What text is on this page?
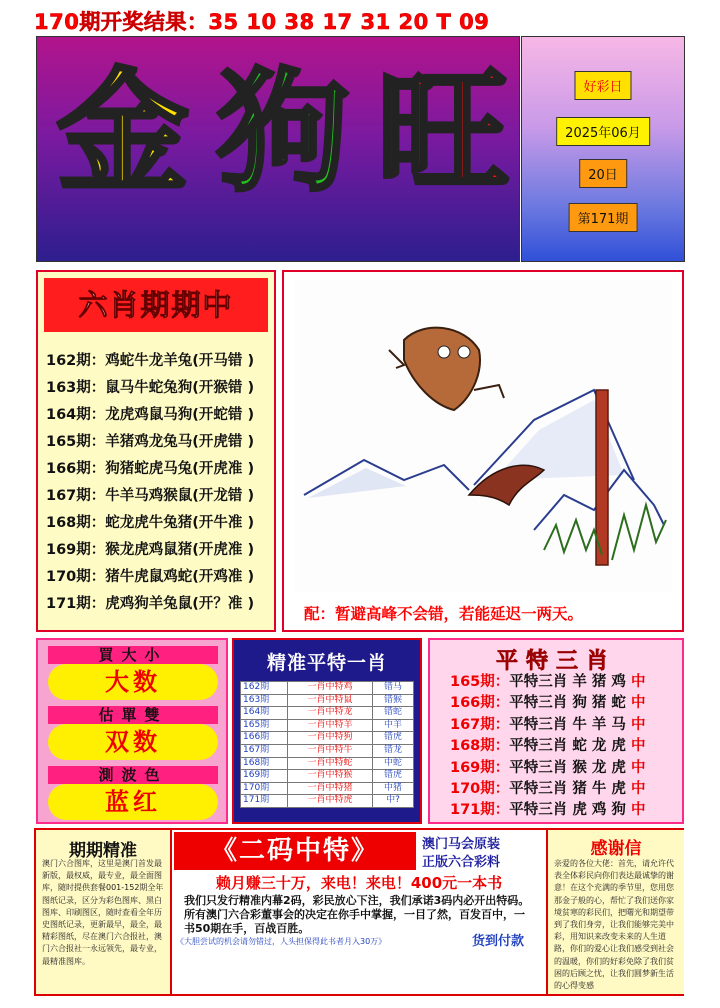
170期开奖结果：35 10 38 17 31 20 T 09
金 狗 旺	好彩日
2025年06月
20日
第171期
六肖期期中
162期：鸡蛇牛龙羊兔(开马错 )
163期：鼠马牛蛇兔狗(开猴错 )
164期：龙虎鸡鼠马狗(开蛇错 )
165期：羊猪鸡龙兔马(开虎错 )
166期：狗猪蛇虎马兔(开虎准 )
167期：牛羊马鸡猴鼠(开龙错 )
168期：蛇龙虎牛兔猪(开牛准 )
169期：猴龙虎鸡鼠猪(开虎准 )
170期：猪牛虎鼠鸡蛇(开鸡准 )
171期：虎鸡狗羊兔鼠(开？准 )
配：暂避高峰不会错，若能延迟一两天。
買大小
大数
估單雙
双数
測波色
蓝红
精准平特一肖
162期	一肖中特鸡	错马
163期	一肖中特鼠	错猴
164期	一肖中特龙	错蛇
165期	一肖中特羊	中羊
166期	一肖中特狗	错虎
167期	一肖中特牛	错龙
168期	一肖中特蛇	中蛇
169期	一肖中特猴	错虎
170期	一肖中特猪	中猪
171期	一肖中特虎	中?
平特三肖
165期：平特三肖 羊 猪 鸡 中
166期：平特三肖 狗 猪 蛇 中
167期：平特三肖 牛 羊 马 中
168期：平特三肖 蛇 龙 虎 中
169期：平特三肖 猴 龙 虎 中
170期：平特三肖 猪 牛 虎 中
171期：平特三肖 虎 鸡 狗 中
期期精准
澳门六合图库，这里是澳门首发最新版，最权威，最专业，最全面图库，随时提供套餐001-152期全年图纸记录，区分为彩色图库、黑白图库、印刷图区，随时查看全年历史图纸记录，更新最早，最全，最精彩图纸，尽在澳门六合报社，澳门六合报社一永远领先，最专业，最精准图库。
《二码中特》	澳门马会原装
正版六合彩料
赖月赚三十万，来电！来电！400元一本书
我们只发行精准内幕2码，彩民放心下注，我们承诺3码内必开出特码。所有澳门六合彩董事会的决定在你手中掌握，一目了然，百发百中，一书50期在手，百战百胜。
《大胆尝试的机会请勿错过，人头担保得此书者月入30万》	货到付款
感谢信
亲爱的各位大佬：首先，请允许代表全体彩民向你们表达最诚挚的谢意！在这个充满的季节里，您用您那金子般的心，帮忙了我们送你家境贫寒的彩民们，把曙光和期望带到了我们身旁，让我们能够完美中彩，用知识来改变未来的人生道路，你们的爱心让我们感受到社会的温暖，你们的好彩免除了我们贫困的后顾之忧，让我们圆梦新生活的心得变感
